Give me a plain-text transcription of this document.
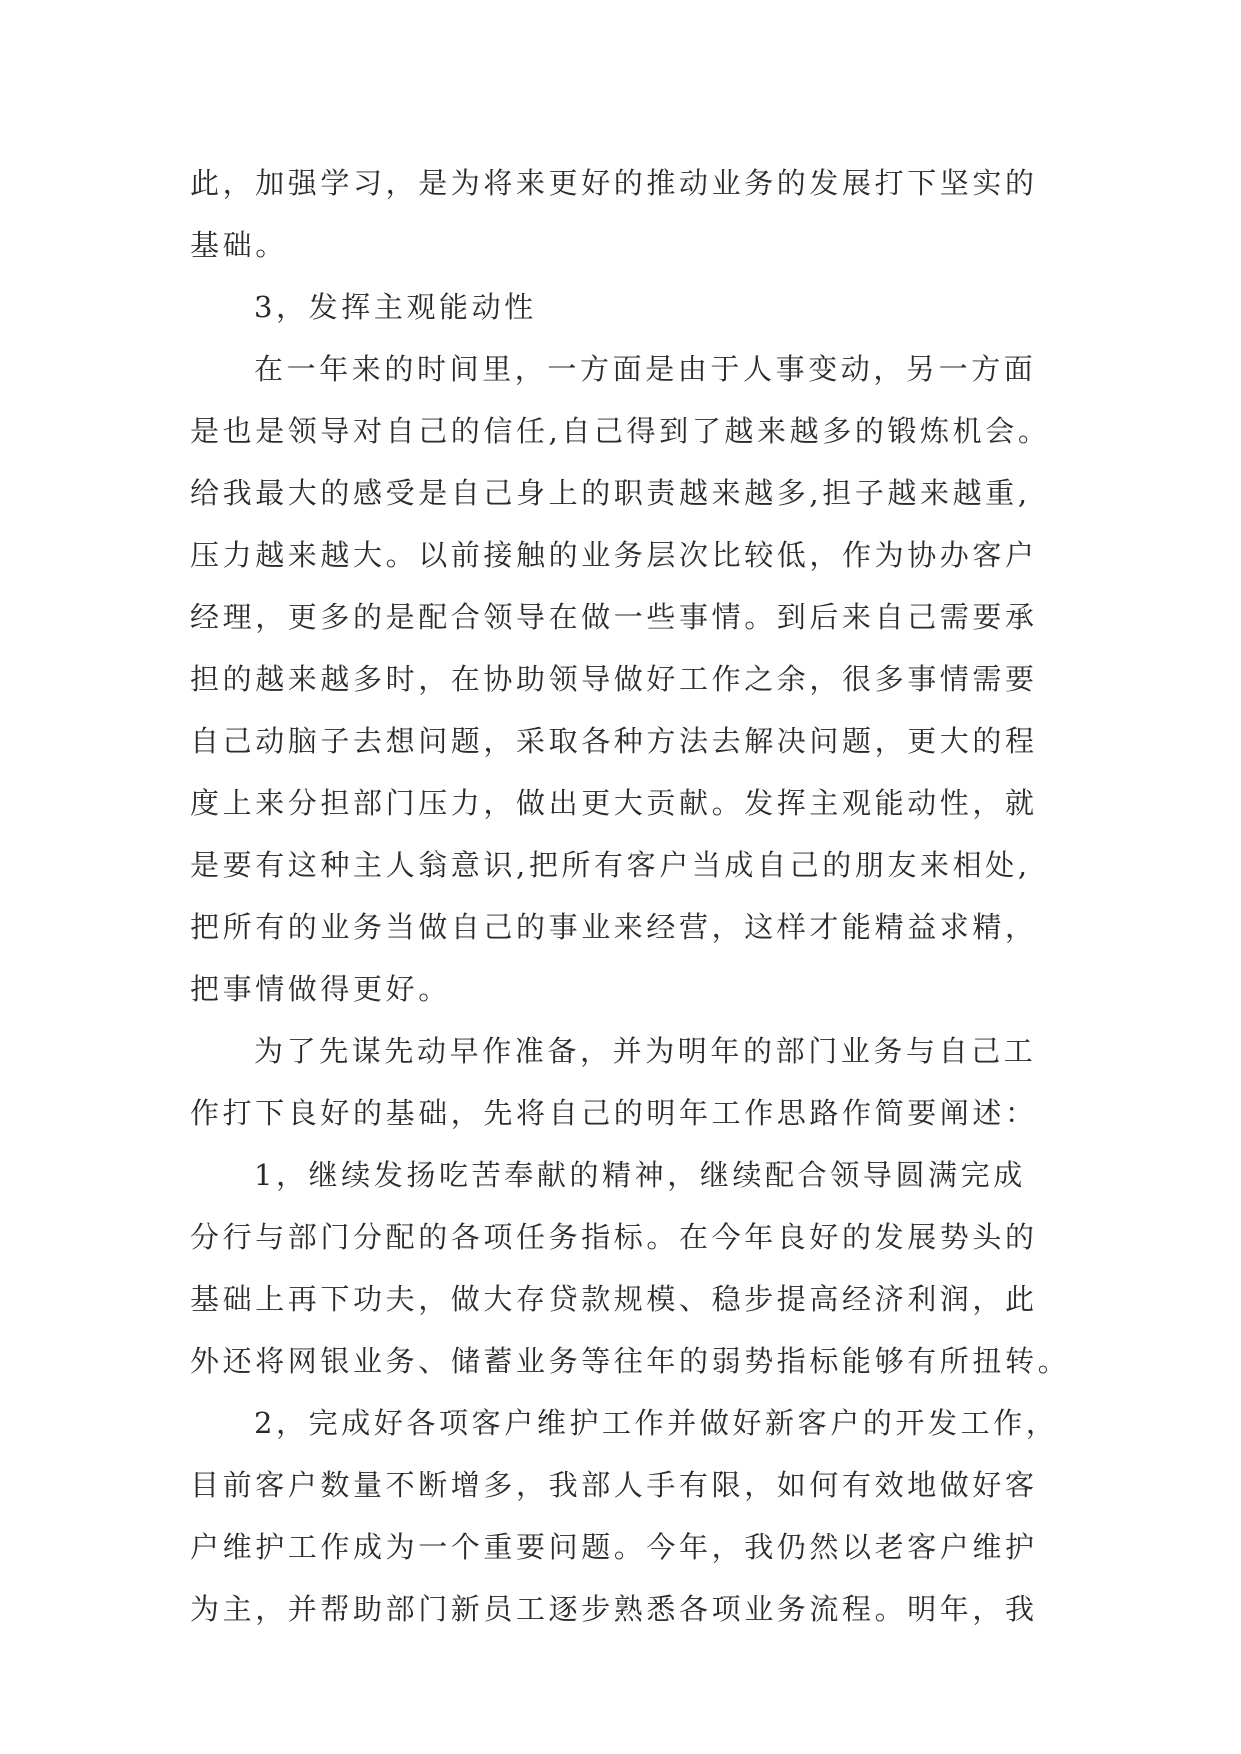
此，加强学习，是为将来更好的推动业务的发展打下坚实的
基础。
3，发挥主观能动性
在一年来的时间里，一方面是由于人事变动，另一方面
是也是领导对自己的信任,自己得到了越来越多的锻炼机会。
给我最大的感受是自己身上的职责越来越多,担子越来越重,
压力越来越大。以前接触的业务层次比较低，作为协办客户
经理，更多的是配合领导在做一些事情。到后来自己需要承
担的越来越多时，在协助领导做好工作之余，很多事情需要
自己动脑子去想问题，采取各种方法去解决问题，更大的程
度上来分担部门压力，做出更大贡献。发挥主观能动性，就
是要有这种主人翁意识,把所有客户当成自己的朋友来相处,
把所有的业务当做自己的事业来经营，这样才能精益求精，
把事情做得更好。
为了先谋先动早作准备，并为明年的部门业务与自己工
作打下良好的基础，先将自己的明年工作思路作简要阐述：
1，继续发扬吃苦奉献的精神，继续配合领导圆满完成
分行与部门分配的各项任务指标。在今年良好的发展势头的
基础上再下功夫，做大存贷款规模、稳步提高经济利润，此
外还将网银业务、储蓄业务等往年的弱势指标能够有所扭转。
2，完成好各项客户维护工作并做好新客户的开发工作，
目前客户数量不断增多，我部人手有限，如何有效地做好客
户维护工作成为一个重要问题。今年，我仍然以老客户维护
为主，并帮助部门新员工逐步熟悉各项业务流程。明年，我
